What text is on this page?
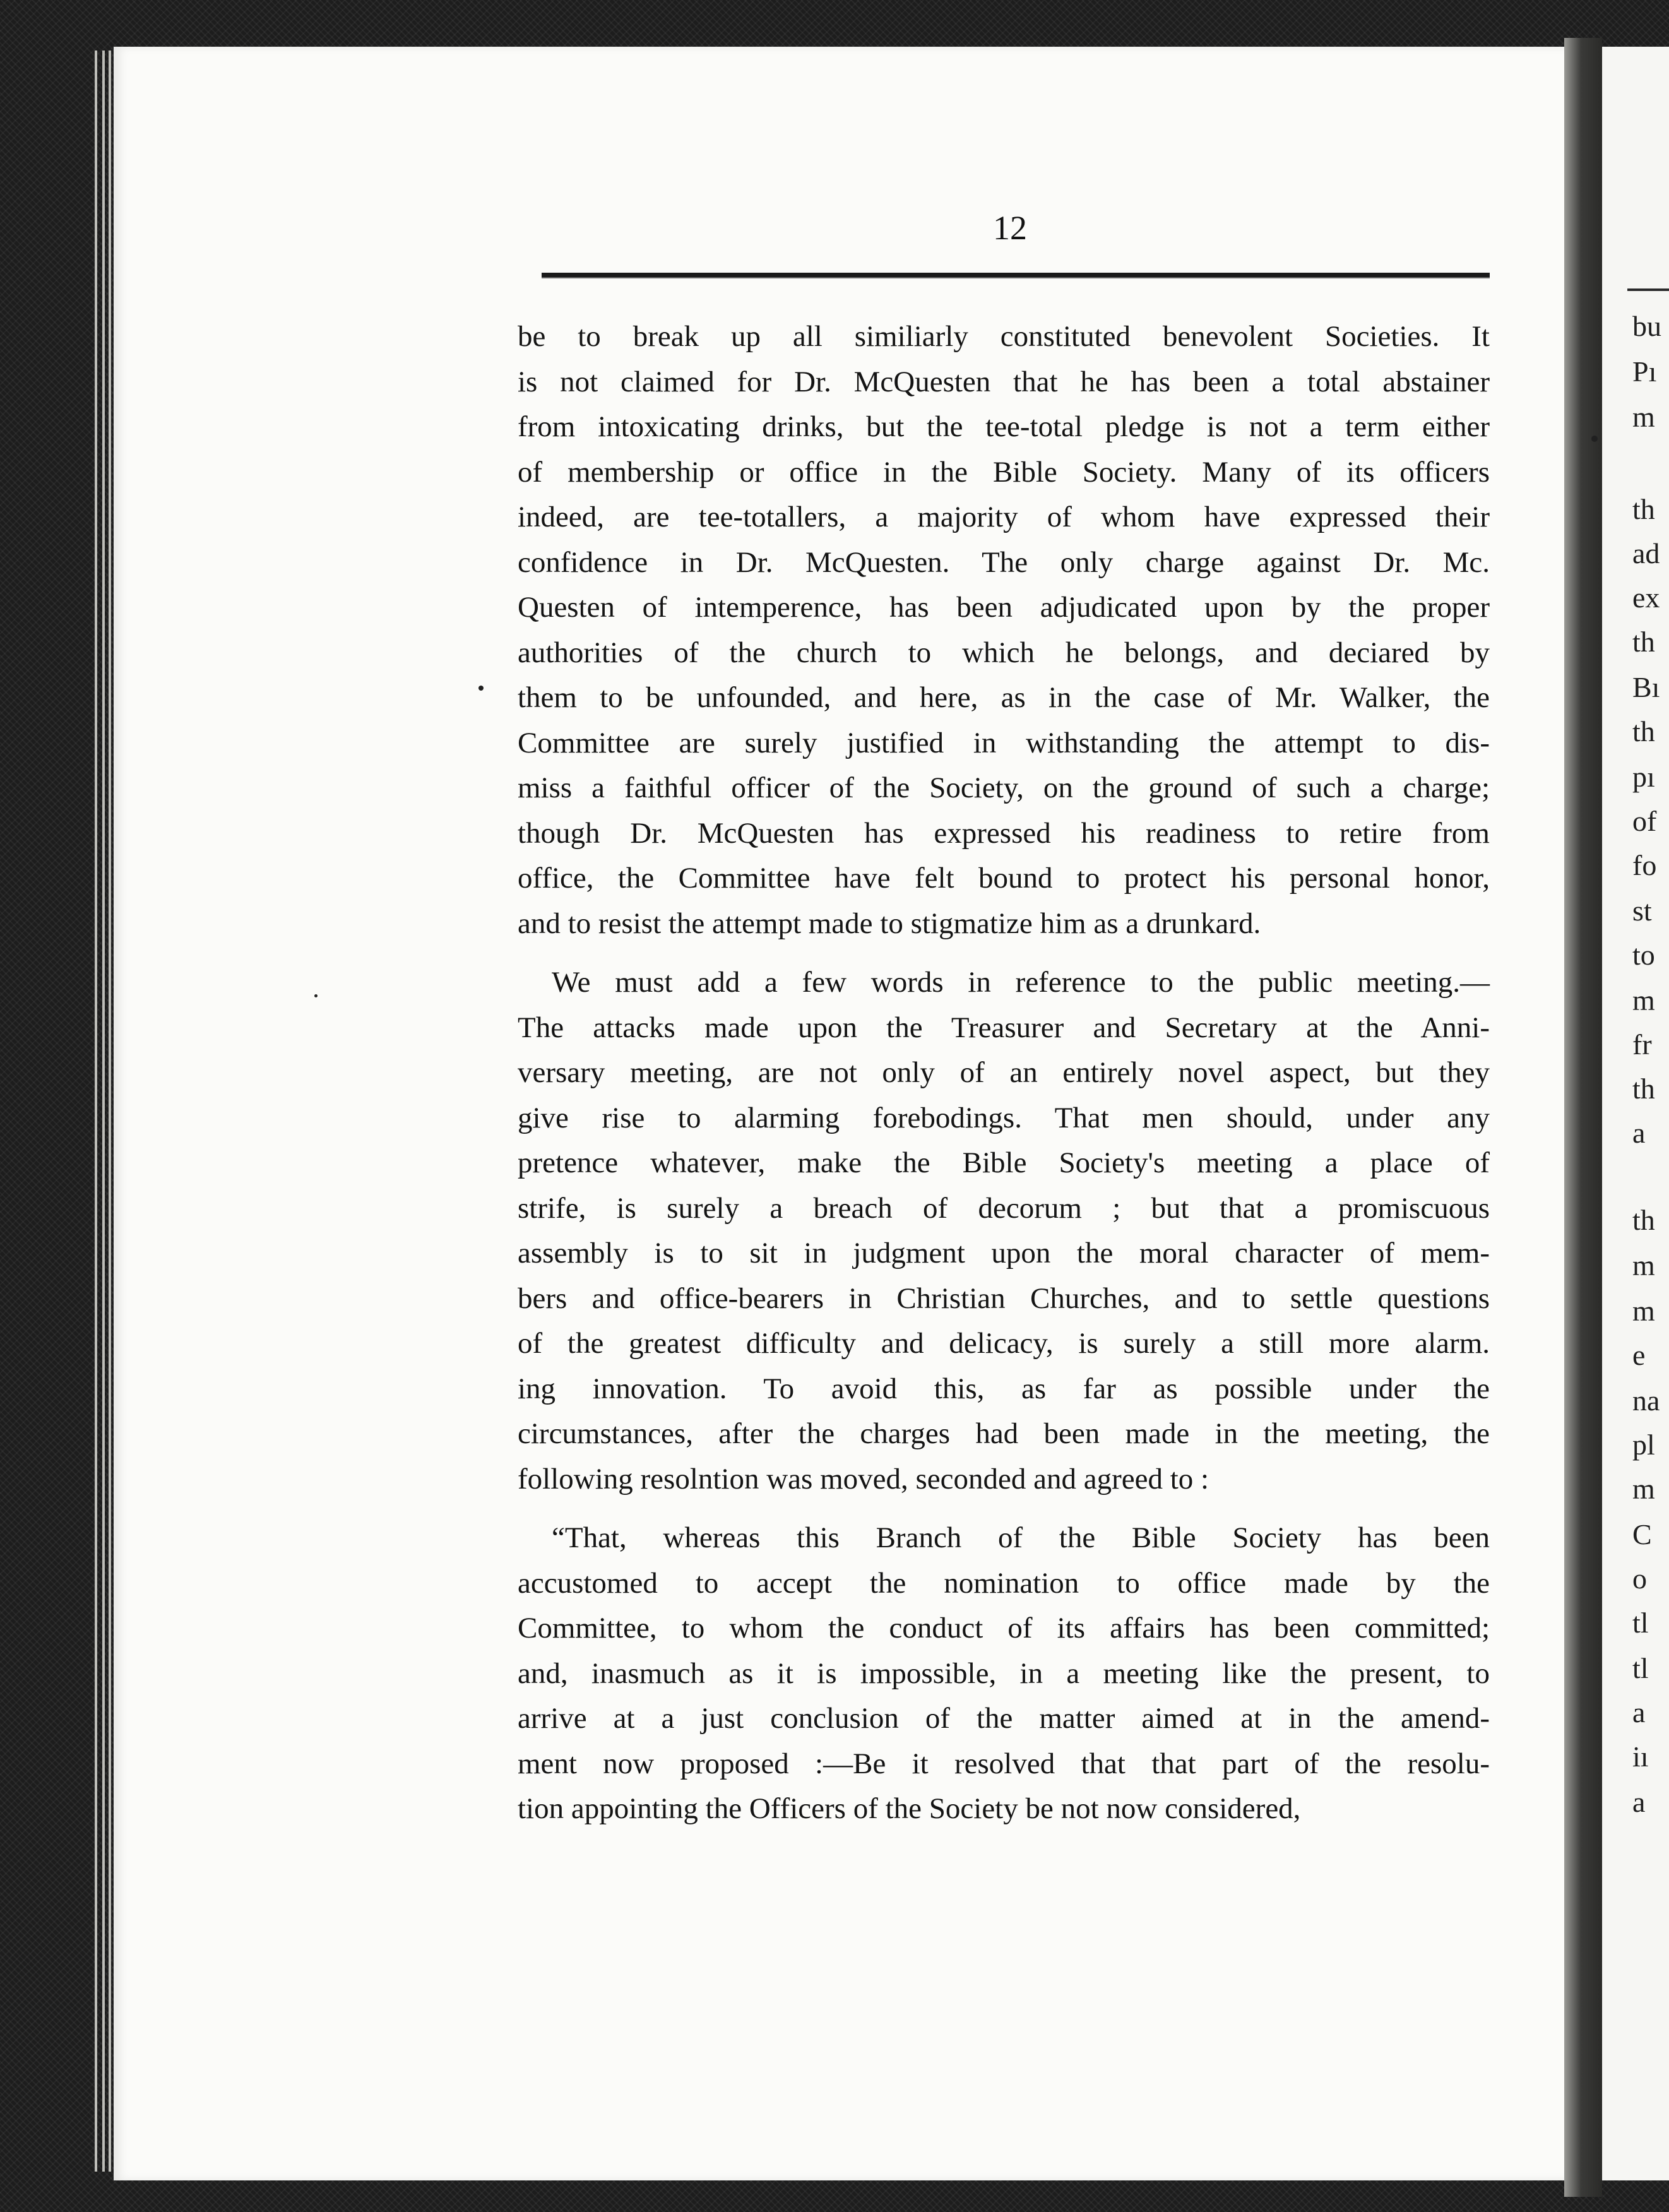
bu
Pı
m
th
ad
ex
th
Bı
th
pı
of
fo
st
to
m
fr
th
a
th
m
m
e
na
pl
m
C
o
tl
tl
a
iı
a
12
be to break up all similiarly constituted benevolent Societies. It
is not claimed for Dr. McQuesten that he has been a total abstainer
from intoxicating drinks, but the tee-total pledge is not a term either
of membership or office in the Bible Society. Many of its officers
indeed, are tee-totallers, a majority of whom have expressed their
confidence in Dr. McQuesten. The only charge against Dr. Mc.
Questen of intemperence, has been adjudicated upon by the proper
authorities of the church to which he belongs, and deciared by
them to be unfounded, and here, as in the case of Mr. Walker, the
Committee are surely justified in withstanding the attempt to dis-
miss a faithful officer of the Society, on the ground of such a charge;
though Dr. McQuesten has expressed his readiness to retire from
office, the Committee have felt bound to protect his personal honor,
and to resist the attempt made to stigmatize him as a drunkard.
We must add a few words in reference to the public meeting.—
The attacks made upon the Treasurer and Secretary at the Anni-
versary meeting, are not only of an entirely novel aspect, but they
give rise to alarming forebodings. That men should, under any
pretence whatever, make the Bible Society's meeting a place of
strife, is surely a breach of decorum ; but that a promiscuous
assembly is to sit in judgment upon the moral character of mem-
bers and office-bearers in Christian Churches, and to settle questions
of the greatest difficulty and delicacy, is surely a still more alarm.
ing innovation. To avoid this, as far as possible under the
circumstances, after the charges had been made in the meeting, the
following resolntion was moved, seconded and agreed to :
“That, whereas this Branch of the Bible Society has been
accustomed to accept the nomination to office made by the
Committee, to whom the conduct of its affairs has been committed;
and, inasmuch as it is impossible, in a meeting like the present, to
arrive at a just conclusion of the matter aimed at in the amend-
ment now proposed :—Be it resolved that that part of the resolu-
tion appointing the Officers of the Society be not now considered,
